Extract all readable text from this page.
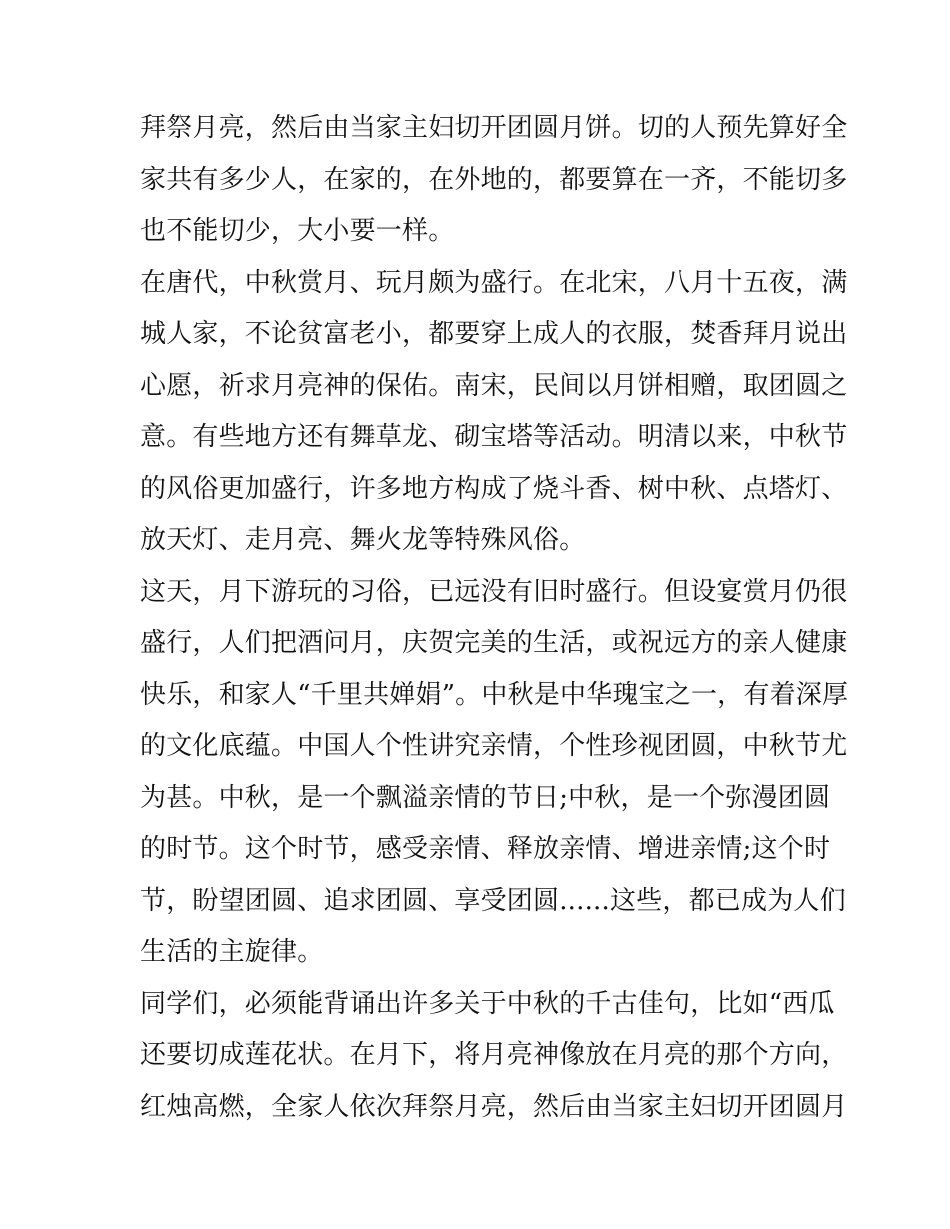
拜祭月亮，然后由当家主妇切开团圆月饼。切的人预先算好全
家共有多少人，在家的，在外地的，都要算在一齐，不能切多
也不能切少，大小要一样。
在唐代，中秋赏月、玩月颇为盛行。在北宋，八月十五夜，满
城人家，不论贫富老小，都要穿上成人的衣服，焚香拜月说出
心愿，祈求月亮神的保佑。南宋，民间以月饼相赠，取团圆之
意。有些地方还有舞草龙、砌宝塔等活动。明清以来，中秋节
的风俗更加盛行，许多地方构成了烧斗香、树中秋、点塔灯、
放天灯、走月亮、舞火龙等特殊风俗。
这天，月下游玩的习俗，已远没有旧时盛行。但设宴赏月仍很
盛行，人们把酒问月，庆贺完美的生活，或祝远方的亲人健康
快乐，和家人“千里共婵娟”。中秋是中华瑰宝之一，有着深厚
的文化底蕴。中国人个性讲究亲情，个性珍视团圆，中秋节尤
为甚。中秋，是一个飘溢亲情的节日;中秋，是一个弥漫团圆
的时节。这个时节，感受亲情、释放亲情、增进亲情;这个时
节，盼望团圆、追求团圆、享受团圆......这些，都已成为人们
生活的主旋律。
同学们，必须能背诵出许多关于中秋的千古佳句，比如“西瓜
还要切成莲花状。在月下，将月亮神像放在月亮的那个方向，
红烛高燃，全家人依次拜祭月亮，然后由当家主妇切开团圆月
